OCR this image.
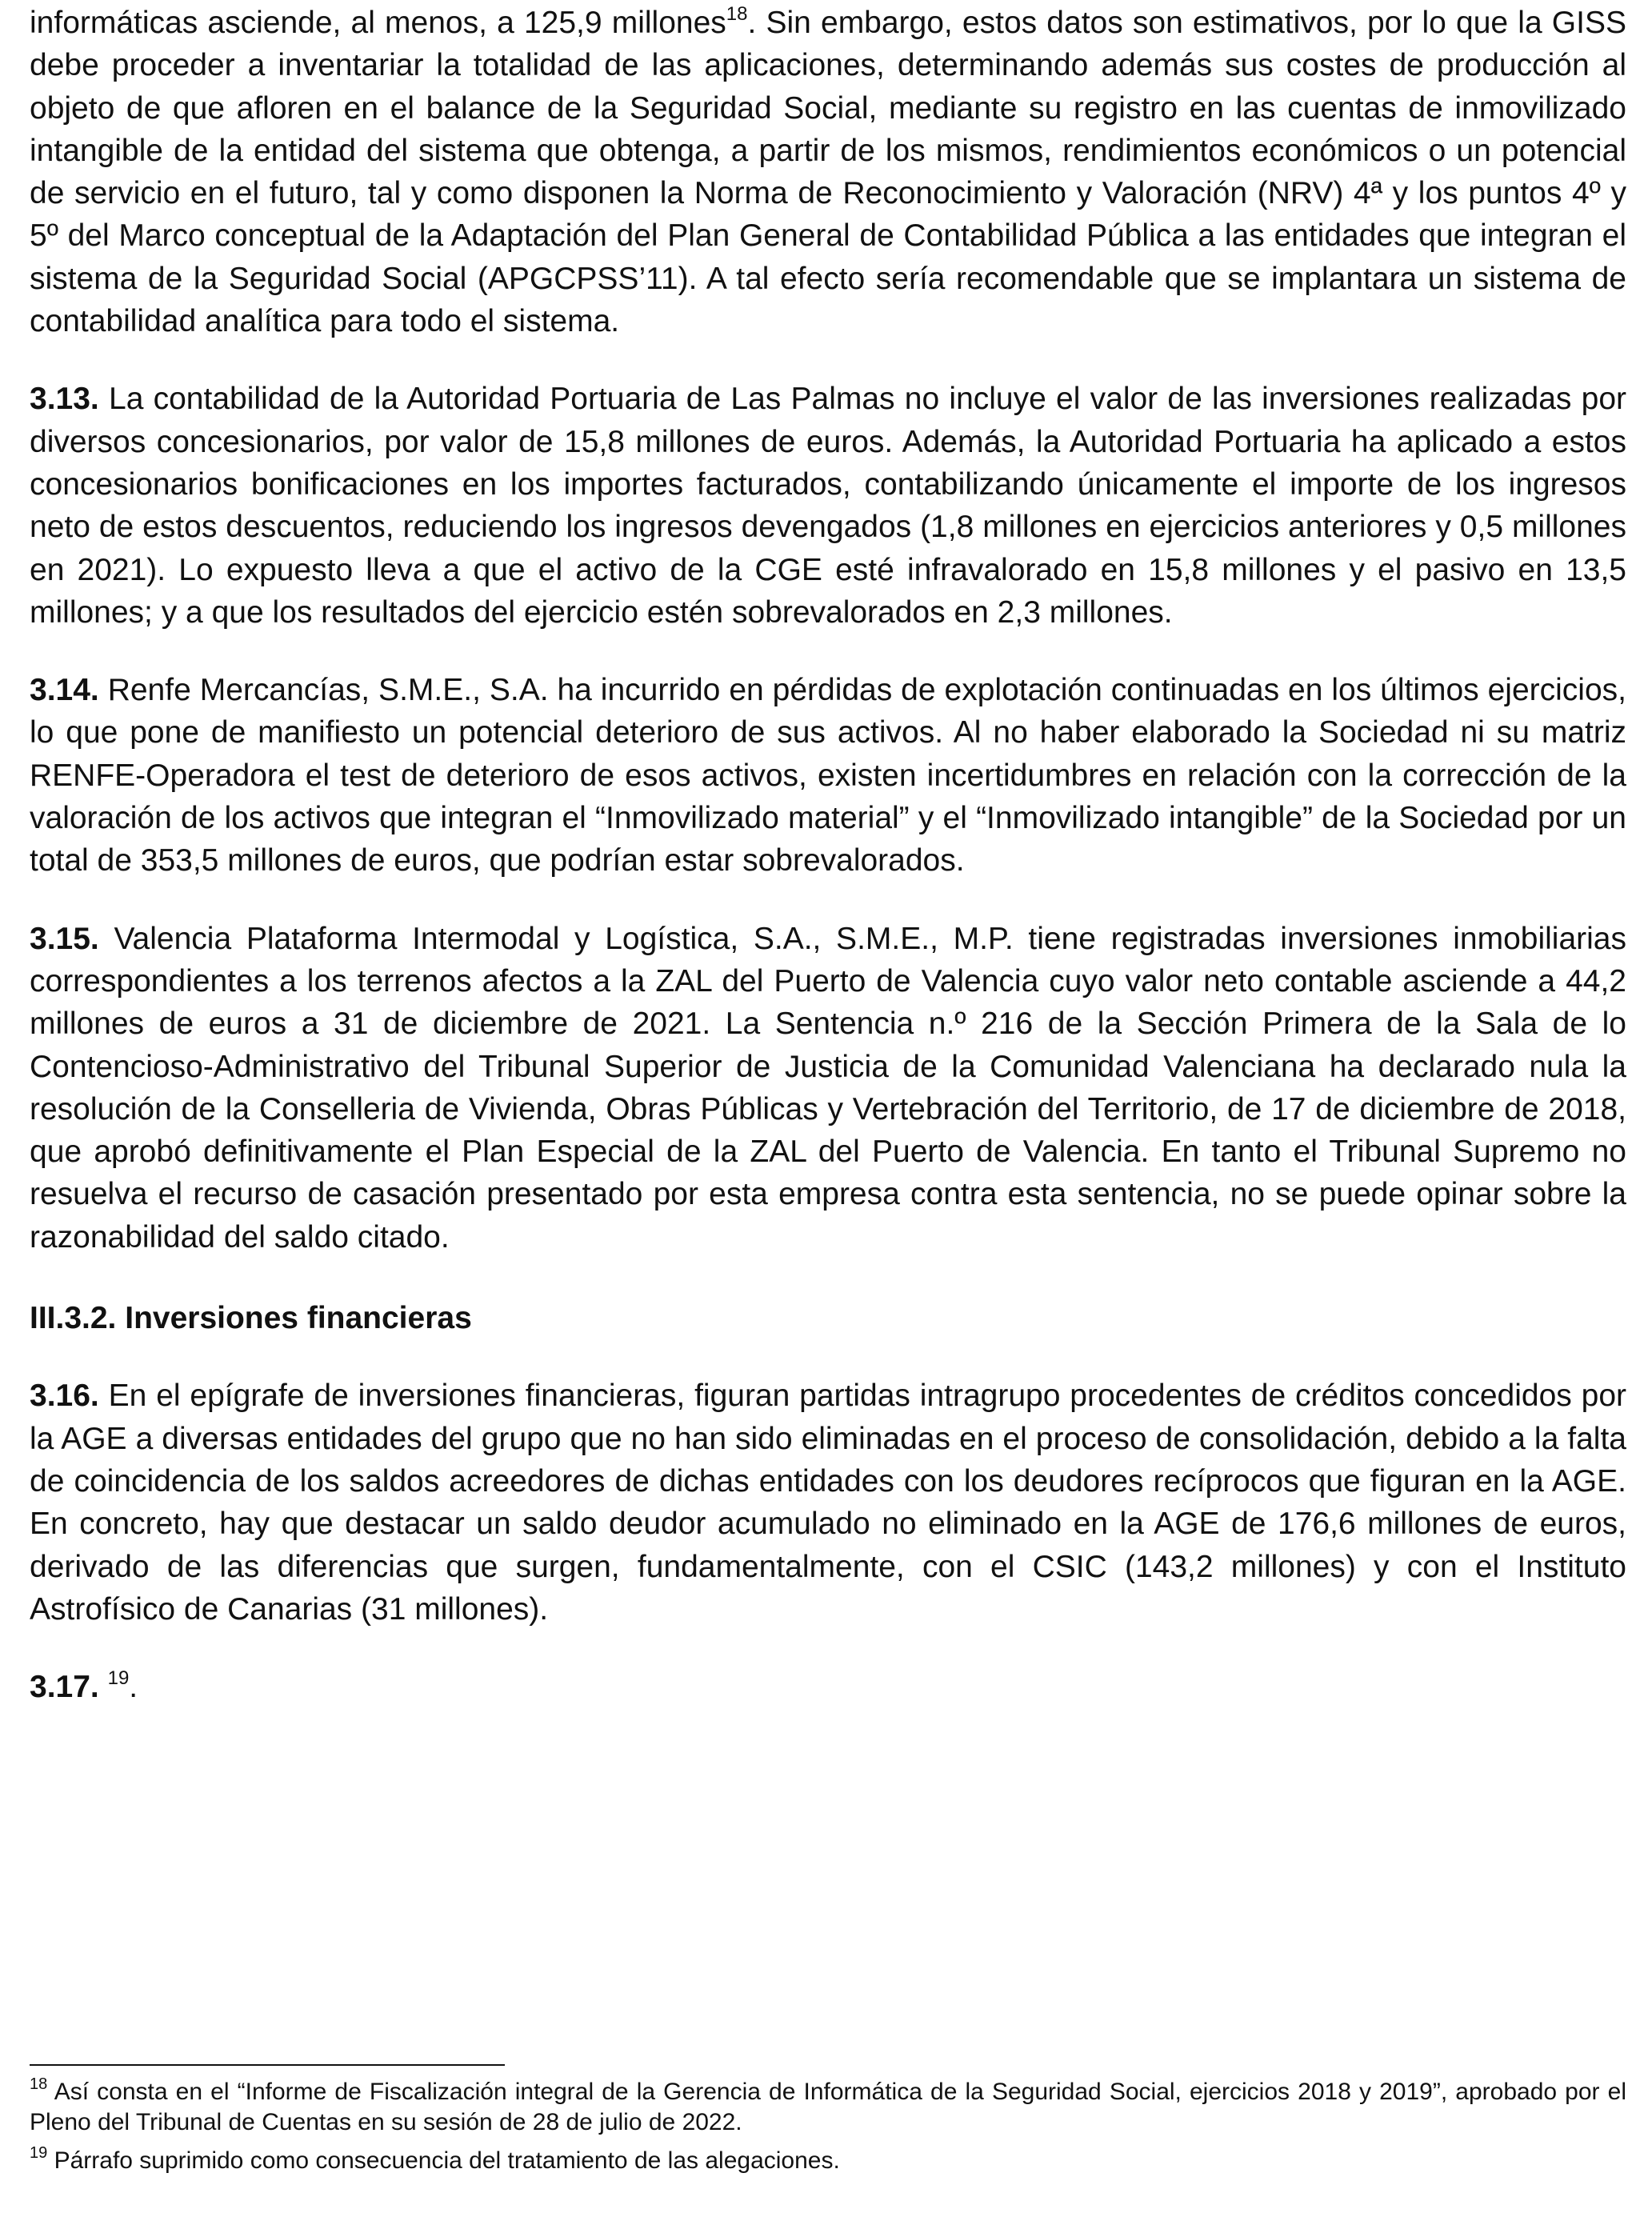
informáticas asciende, al menos, a 125,9 millones$^{18}$. Sin embargo, estos datos son estimativos, por lo que la GISS debe proceder a inventariar la totalidad de las aplicaciones, determinando además sus costes de producción al objeto de que afloren en el balance de la Seguridad Social, mediante su registro en las cuentas de inmovilizado intangible de la entidad del sistema que obtenga, a partir de los mismos, rendimientos económicos o un potencial de servicio en el futuro, tal y como disponen la Norma de Reconocimiento y Valoración (NRV) 4ª y los puntos 4º y 5º del Marco conceptual de la Adaptación del Plan General de Contabilidad Pública a las entidades que integran el sistema de la Seguridad Social (APGCPSS’11). A tal efecto sería recomendable que se implantara un sistema de contabilidad analítica para todo el sistema.

3.13. La contabilidad de la Autoridad Portuaria de Las Palmas no incluye el valor de las inversiones realizadas por diversos concesionarios, por valor de 15,8 millones de euros. Además, la Autoridad Portuaria ha aplicado a estos concesionarios bonificaciones en los importes facturados, contabilizando únicamente el importe de los ingresos neto de estos descuentos, reduciendo los ingresos devengados (1,8 millones en ejercicios anteriores y 0,5 millones en 2021). Lo expuesto lleva a que el activo de la CGE esté infravalorado en 15,8 millones y el pasivo en 13,5 millones; y a que los resultados del ejercicio estén sobrevalorados en 2,3 millones.

3.14. Renfe Mercancías, S.M.E., S.A. ha incurrido en pérdidas de explotación continuadas en los últimos ejercicios, lo que pone de manifiesto un potencial deterioro de sus activos. Al no haber elaborado la Sociedad ni su matriz RENFE-Operadora el test de deterioro de esos activos, existen incertidumbres en relación con la corrección de la valoración de los activos que integran el “Inmovilizado material” y el “Inmovilizado intangible” de la Sociedad por un total de 353,5 millones de euros, que podrían estar sobrevalorados.

3.15. Valencia Plataforma Intermodal y Logística, S.A., S.M.E., M.P. tiene registradas inversiones inmobiliarias correspondientes a los terrenos afectos a la ZAL del Puerto de Valencia cuyo valor neto contable asciende a 44,2 millones de euros a 31 de diciembre de 2021. La Sentencia n.º 216 de la Sección Primera de la Sala de lo Contencioso-Administrativo del Tribunal Superior de Justicia de la Comunidad Valenciana ha declarado nula la resolución de la Conselleria de Vivienda, Obras Públicas y Vertebración del Territorio, de 17 de diciembre de 2018, que aprobó definitivamente el Plan Especial de la ZAL del Puerto de Valencia. En tanto el Tribunal Supremo no resuelva el recurso de casación presentado por esta empresa contra esta sentencia, no se puede opinar sobre la razonabilidad del saldo citado.

III.3.2. Inversiones financieras

3.16. En el epígrafe de inversiones financieras, figuran partidas intragrupo procedentes de créditos concedidos por la AGE a diversas entidades del grupo que no han sido eliminadas en el proceso de consolidación, debido a la falta de coincidencia de los saldos acreedores de dichas entidades con los deudores recíprocos que figuran en la AGE. En concreto, hay que destacar un saldo deudor acumulado no eliminado en la AGE de 176,6 millones de euros, derivado de las diferencias que surgen, fundamentalmente, con el CSIC (143,2 millones) y con el Instituto Astrofísico de Canarias (31 millones).

3.17. $^{19}$.

$^{18}$ Así consta en el “Informe de Fiscalización integral de la Gerencia de Informática de la Seguridad Social, ejercicios 2018 y 2019”, aprobado por el Pleno del Tribunal de Cuentas en su sesión de 28 de julio de 2022.

$^{19}$ Párrafo suprimido como consecuencia del tratamiento de las alegaciones.
